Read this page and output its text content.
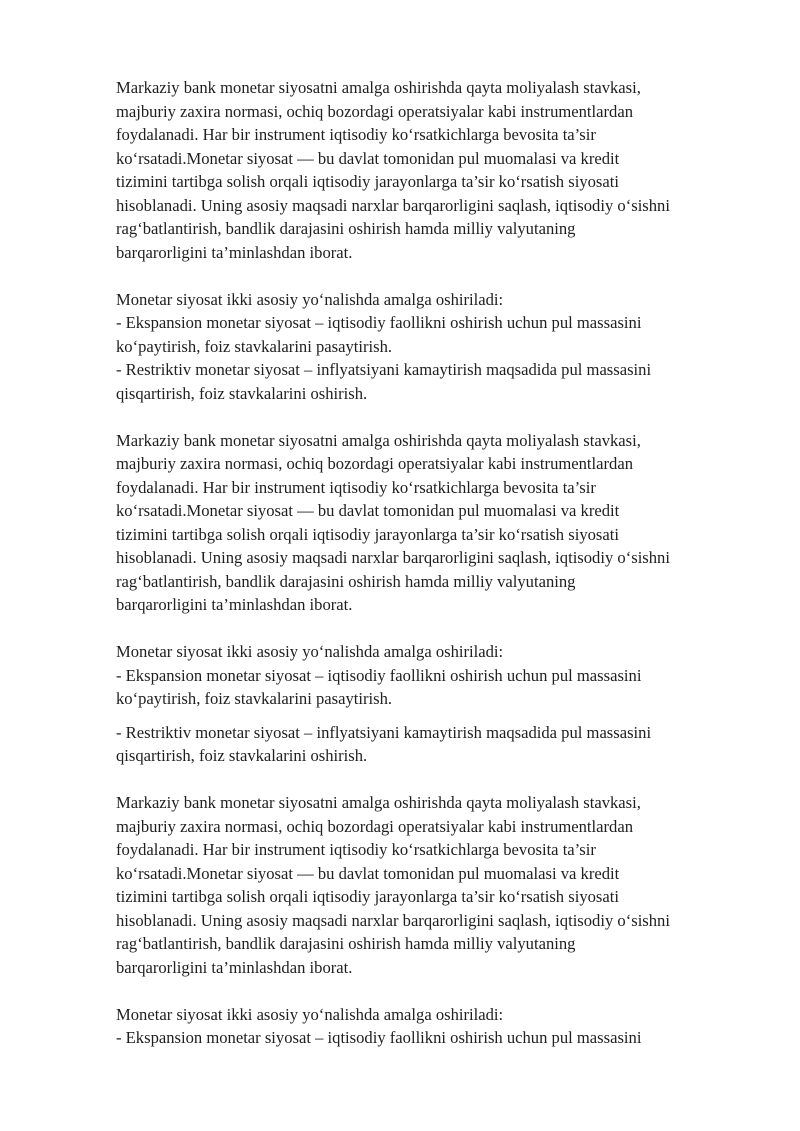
Markaziy bank monetar siyosatni amalga oshirishda qayta moliyalash stavkasi,
majburiy zaxira normasi, ochiq bozordagi operatsiyalar kabi instrumentlardan
foydalanadi. Har bir instrument iqtisodiy ko‘rsatkichlarga bevosita ta’sir
ko‘rsatadi.Monetar siyosat — bu davlat tomonidan pul muomalasi va kredit
tizimini tartibga solish orqali iqtisodiy jarayonlarga ta’sir ko‘rsatish siyosati
hisoblanadi. Uning asosiy maqsadi narxlar barqarorligini saqlash, iqtisodiy o‘sishni
rag‘batlantirish, bandlik darajasini oshirish hamda milliy valyutaning
barqarorligini ta’minlashdan iborat.
Monetar siyosat ikki asosiy yo‘nalishda amalga oshiriladi:
- Ekspansion monetar siyosat – iqtisodiy faollikni oshirish uchun pul massasini
ko‘paytirish, foiz stavkalarini pasaytirish.
- Restriktiv monetar siyosat – inflyatsiyani kamaytirish maqsadida pul massasini
qisqartirish, foiz stavkalarini oshirish.
Markaziy bank monetar siyosatni amalga oshirishda qayta moliyalash stavkasi,
majburiy zaxira normasi, ochiq bozordagi operatsiyalar kabi instrumentlardan
foydalanadi. Har bir instrument iqtisodiy ko‘rsatkichlarga bevosita ta’sir
ko‘rsatadi.Monetar siyosat — bu davlat tomonidan pul muomalasi va kredit
tizimini tartibga solish orqali iqtisodiy jarayonlarga ta’sir ko‘rsatish siyosati
hisoblanadi. Uning asosiy maqsadi narxlar barqarorligini saqlash, iqtisodiy o‘sishni
rag‘batlantirish, bandlik darajasini oshirish hamda milliy valyutaning
barqarorligini ta’minlashdan iborat.
Monetar siyosat ikki asosiy yo‘nalishda amalga oshiriladi:
- Ekspansion monetar siyosat – iqtisodiy faollikni oshirish uchun pul massasini
ko‘paytirish, foiz stavkalarini pasaytirish.
- Restriktiv monetar siyosat – inflyatsiyani kamaytirish maqsadida pul massasini
qisqartirish, foiz stavkalarini oshirish.
Markaziy bank monetar siyosatni amalga oshirishda qayta moliyalash stavkasi,
majburiy zaxira normasi, ochiq bozordagi operatsiyalar kabi instrumentlardan
foydalanadi. Har bir instrument iqtisodiy ko‘rsatkichlarga bevosita ta’sir
ko‘rsatadi.Monetar siyosat — bu davlat tomonidan pul muomalasi va kredit
tizimini tartibga solish orqali iqtisodiy jarayonlarga ta’sir ko‘rsatish siyosati
hisoblanadi. Uning asosiy maqsadi narxlar barqarorligini saqlash, iqtisodiy o‘sishni
rag‘batlantirish, bandlik darajasini oshirish hamda milliy valyutaning
barqarorligini ta’minlashdan iborat.
Monetar siyosat ikki asosiy yo‘nalishda amalga oshiriladi:
- Ekspansion monetar siyosat – iqtisodiy faollikni oshirish uchun pul massasini
